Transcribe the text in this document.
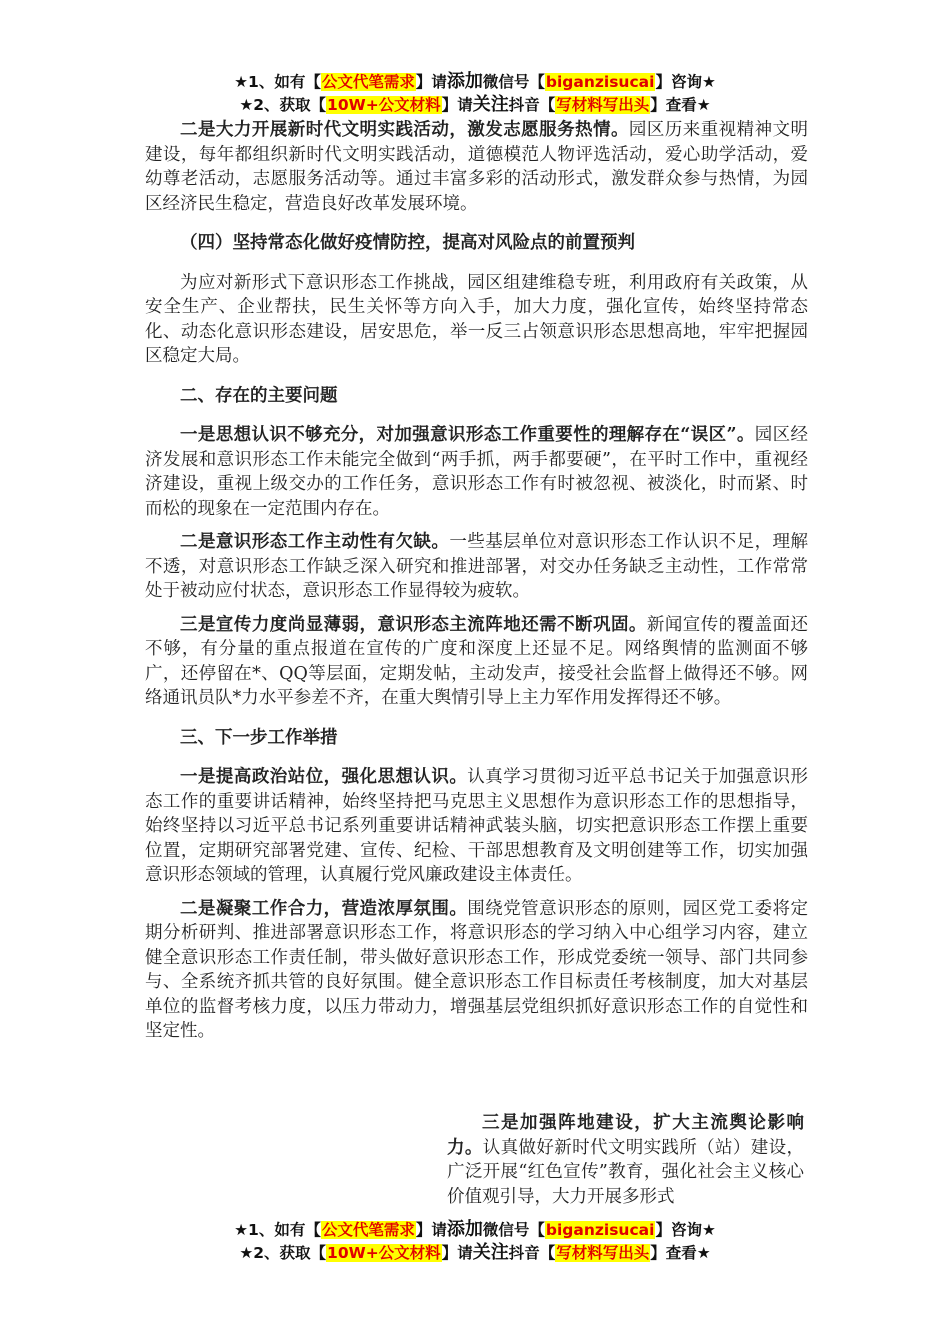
★1、如有【公文代笔需求】请添加微信号【biganzisucai】咨询★
★2、获取【10W+公文材料】请关注抖音【写材料写出头】查看★

二是大力开展新时代文明实践活动，激发志愿服务热情。园区历来重视精神文明建设，每年都组织新时代文明实践活动，道德模范人物评选活动，爱心助学活动，爱幼尊老活动，志愿服务活动等。通过丰富多彩的活动形式，激发群众参与热情，为园区经济民生稳定，营造良好改革发展环境。

（四）坚持常态化做好疫情防控，提高对风险点的前置预判

为应对新形式下意识形态工作挑战，园区组建维稳专班，利用政府有关政策，从安全生产、企业帮扶，民生关怀等方向入手，加大力度，强化宣传，始终坚持常态化、动态化意识形态建设，居安思危，举一反三占领意识形态思想高地，牢牢把握园区稳定大局。

二、存在的主要问题

一是思想认识不够充分，对加强意识形态工作重要性的理解存在“误区”。园区经济发展和意识形态工作未能完全做到“两手抓，两手都要硬”，在平时工作中，重视经济建设，重视上级交办的工作任务，意识形态工作有时被忽视、被淡化，时而紧、时而松的现象在一定范围内存在。

二是意识形态工作主动性有欠缺。一些基层单位对意识形态工作认识不足，理解不透，对意识形态工作缺乏深入研究和推进部署，对交办任务缺乏主动性，工作常常处于被动应付状态，意识形态工作显得较为疲软。

三是宣传力度尚显薄弱，意识形态主流阵地还需不断巩固。新闻宣传的覆盖面还不够，有分量的重点报道在宣传的广度和深度上还显不足。网络舆情的监测面不够广，还停留在*、QQ等层面，定期发帖，主动发声，接受社会监督上做得还不够。网络通讯员队*力水平参差不齐，在重大舆情引导上主力军作用发挥得还不够。

三、下一步工作举措

一是提高政治站位，强化思想认识。认真学习贯彻习近平总书记关于加强意识形态工作的重要讲话精神，始终坚持把马克思主义思想作为意识形态工作的思想指导，始终坚持以习近平总书记系列重要讲话精神武装头脑，切实把意识形态工作摆上重要位置，定期研究部署党建、宣传、纪检、干部思想教育及文明创建等工作，切实加强意识形态领域的管理，认真履行党风廉政建设主体责任。

二是凝聚工作合力，营造浓厚氛围。围绕党管意识形态的原则，园区党工委将定期分析研判、推进部署意识形态工作，将意识形态的学习纳入中心组学习内容，建立健全意识形态工作责任制，带头做好意识形态工作，形成党委统一领导、部门共同参与、全系统齐抓共管的良好氛围。健全意识形态工作目标责任考核制度，加大对基层单位的监督考核力度，以压力带动力，增强基层党组织抓好意识形态工作的自觉性和坚定性。

三是加强阵地建设，扩大主流舆论影响力。认真做好新时代文明实践所（站）建设，广泛开展“红色宣传”教育，强化社会主义核心价值观引导，大力开展多形式

★1、如有【公文代笔需求】请添加微信号【biganzisucai】咨询★
★2、获取【10W+公文材料】请关注抖音【写材料写出头】查看★
